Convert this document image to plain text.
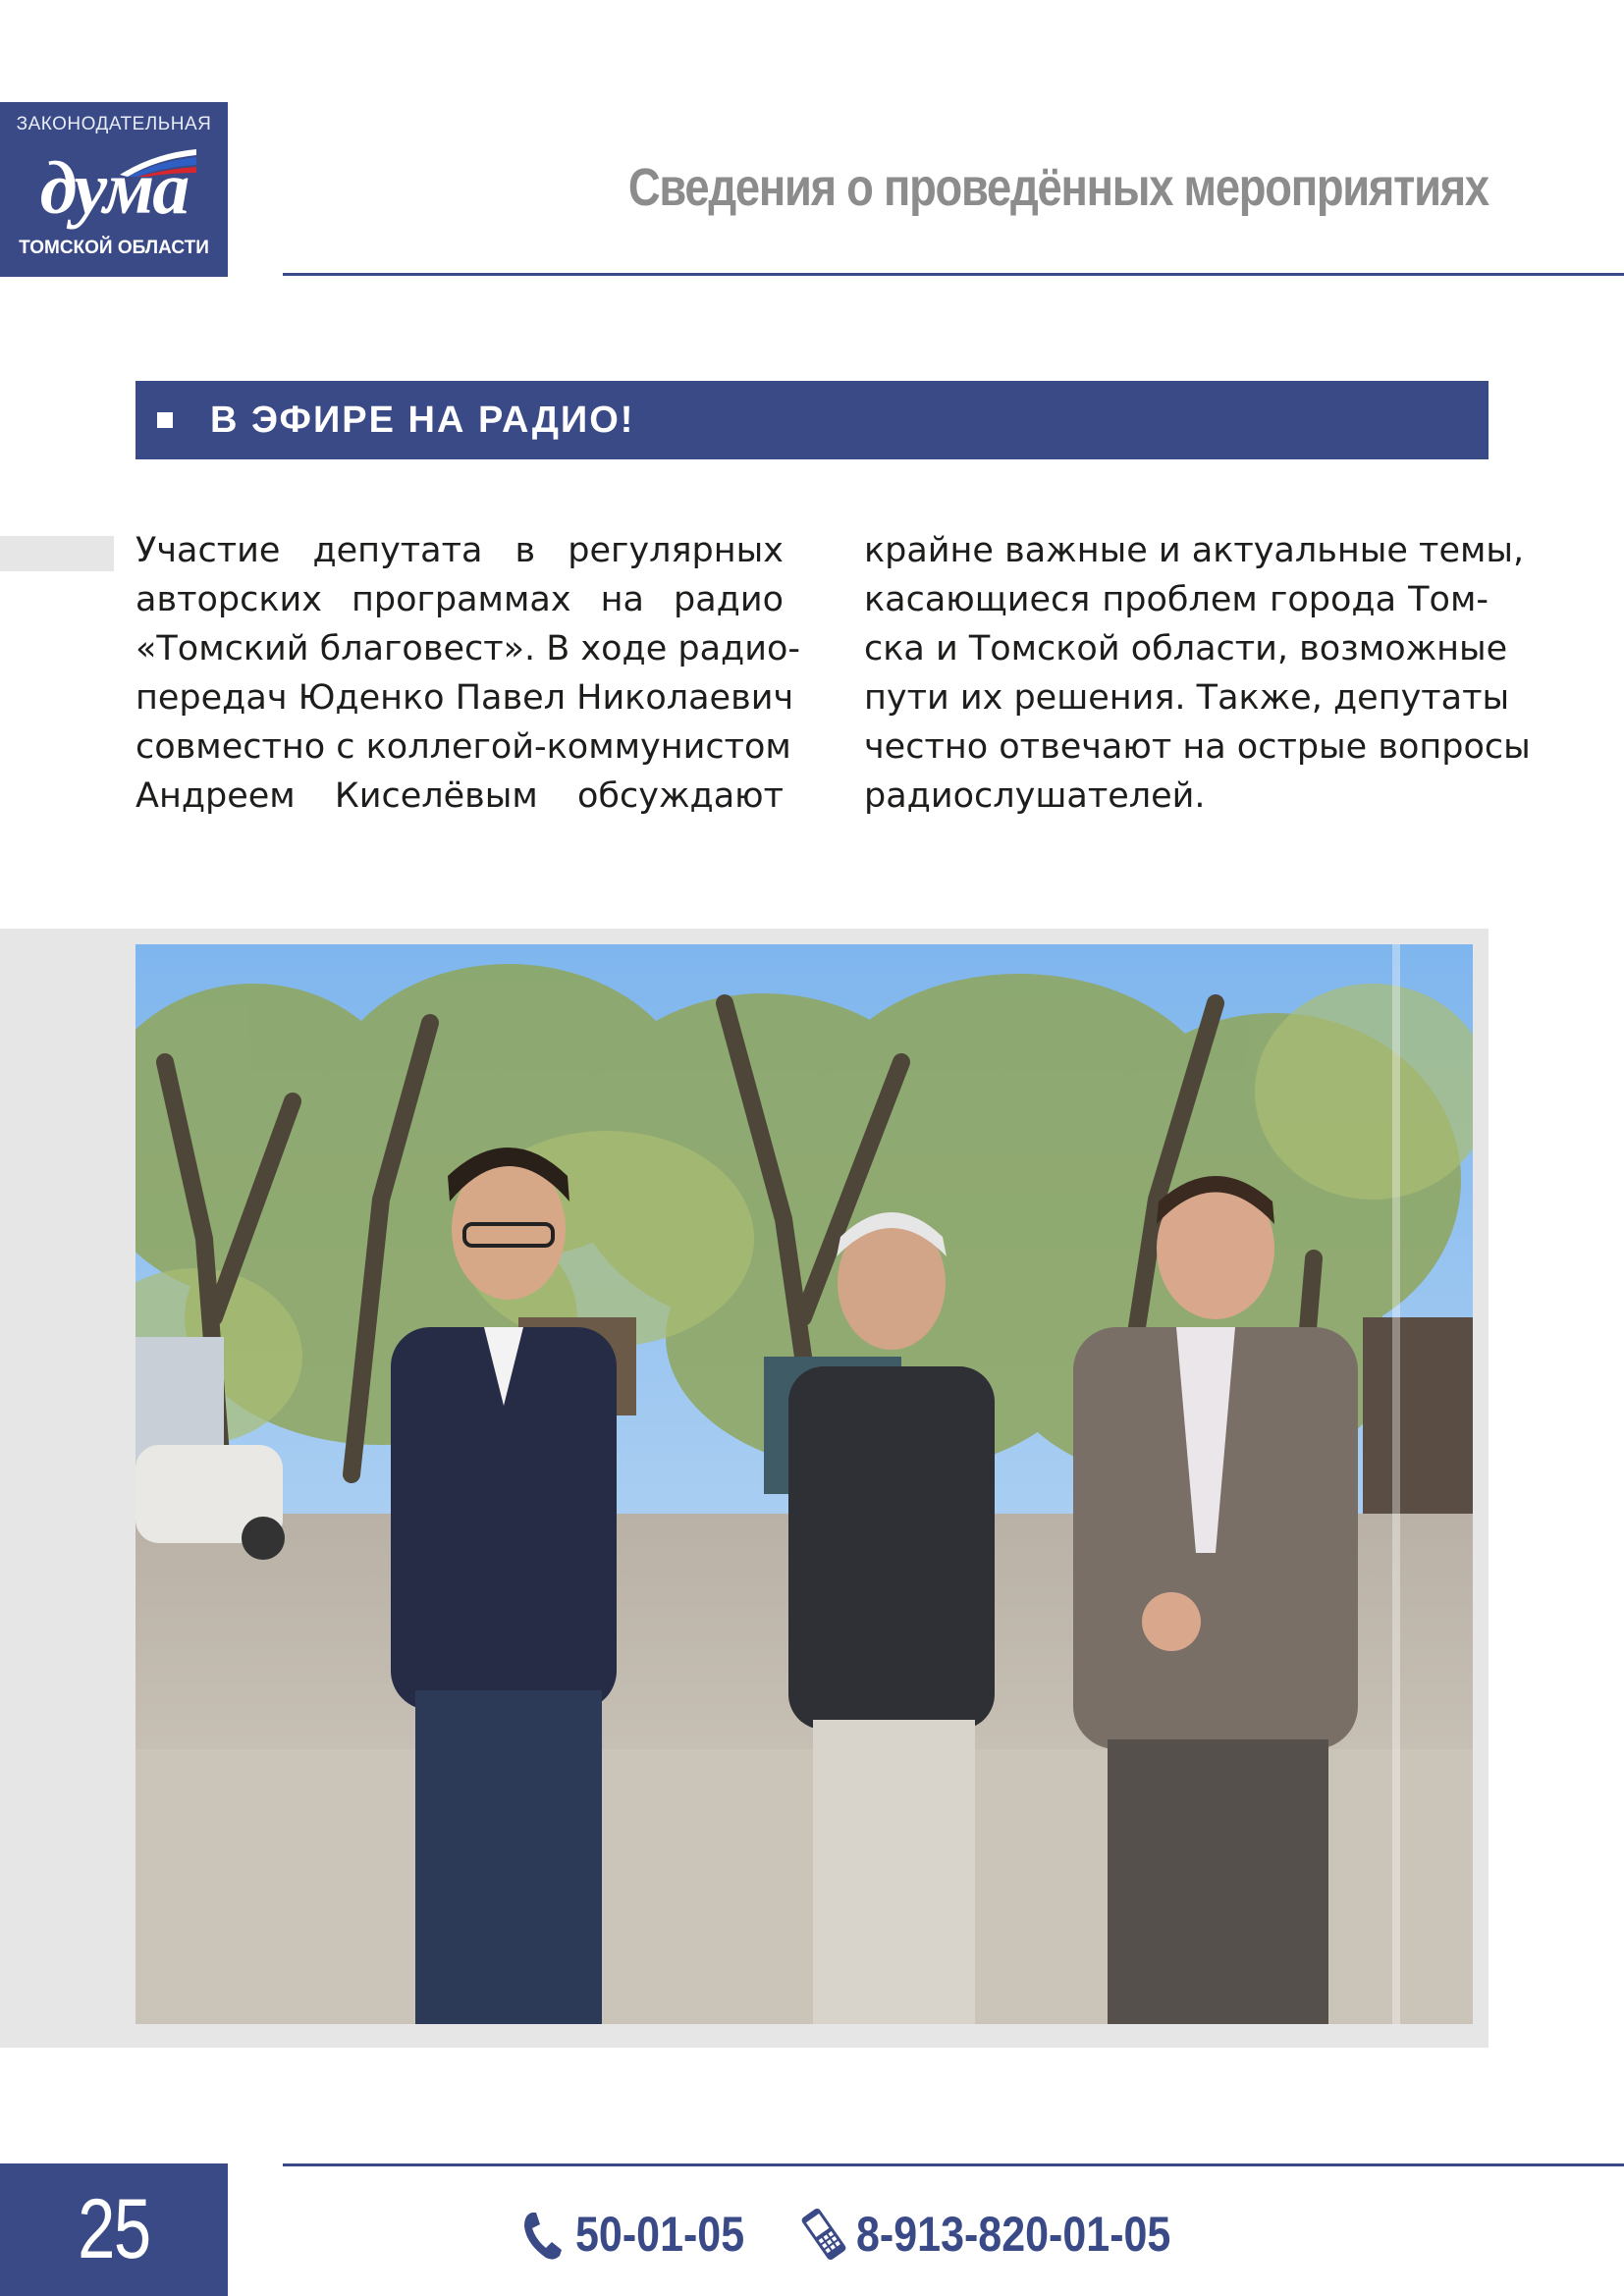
ЗАКОНОДАТЕЛЬНАЯ
дума
ТОМСКОЙ ОБЛАСТИ
Сведения о проведённых мероприятиях
В ЭФИРЕ НА РАДИО!

Участие депутата в регулярных
авторских программах на радио
«Томский благовест». В ходе радио-
передач Юденко Павел Николаевич
совместно с коллегой-коммунистом
Андреем Киселёвым обсуждают

крайне важные и актуальные темы,
касающиеся проблем города Том-
ска и Томской области, возможные
пути их решения. Также, депутаты
честно отвечают на острые вопросы
радиослушателей.

25	50-01-05 8-913-820-01-05
